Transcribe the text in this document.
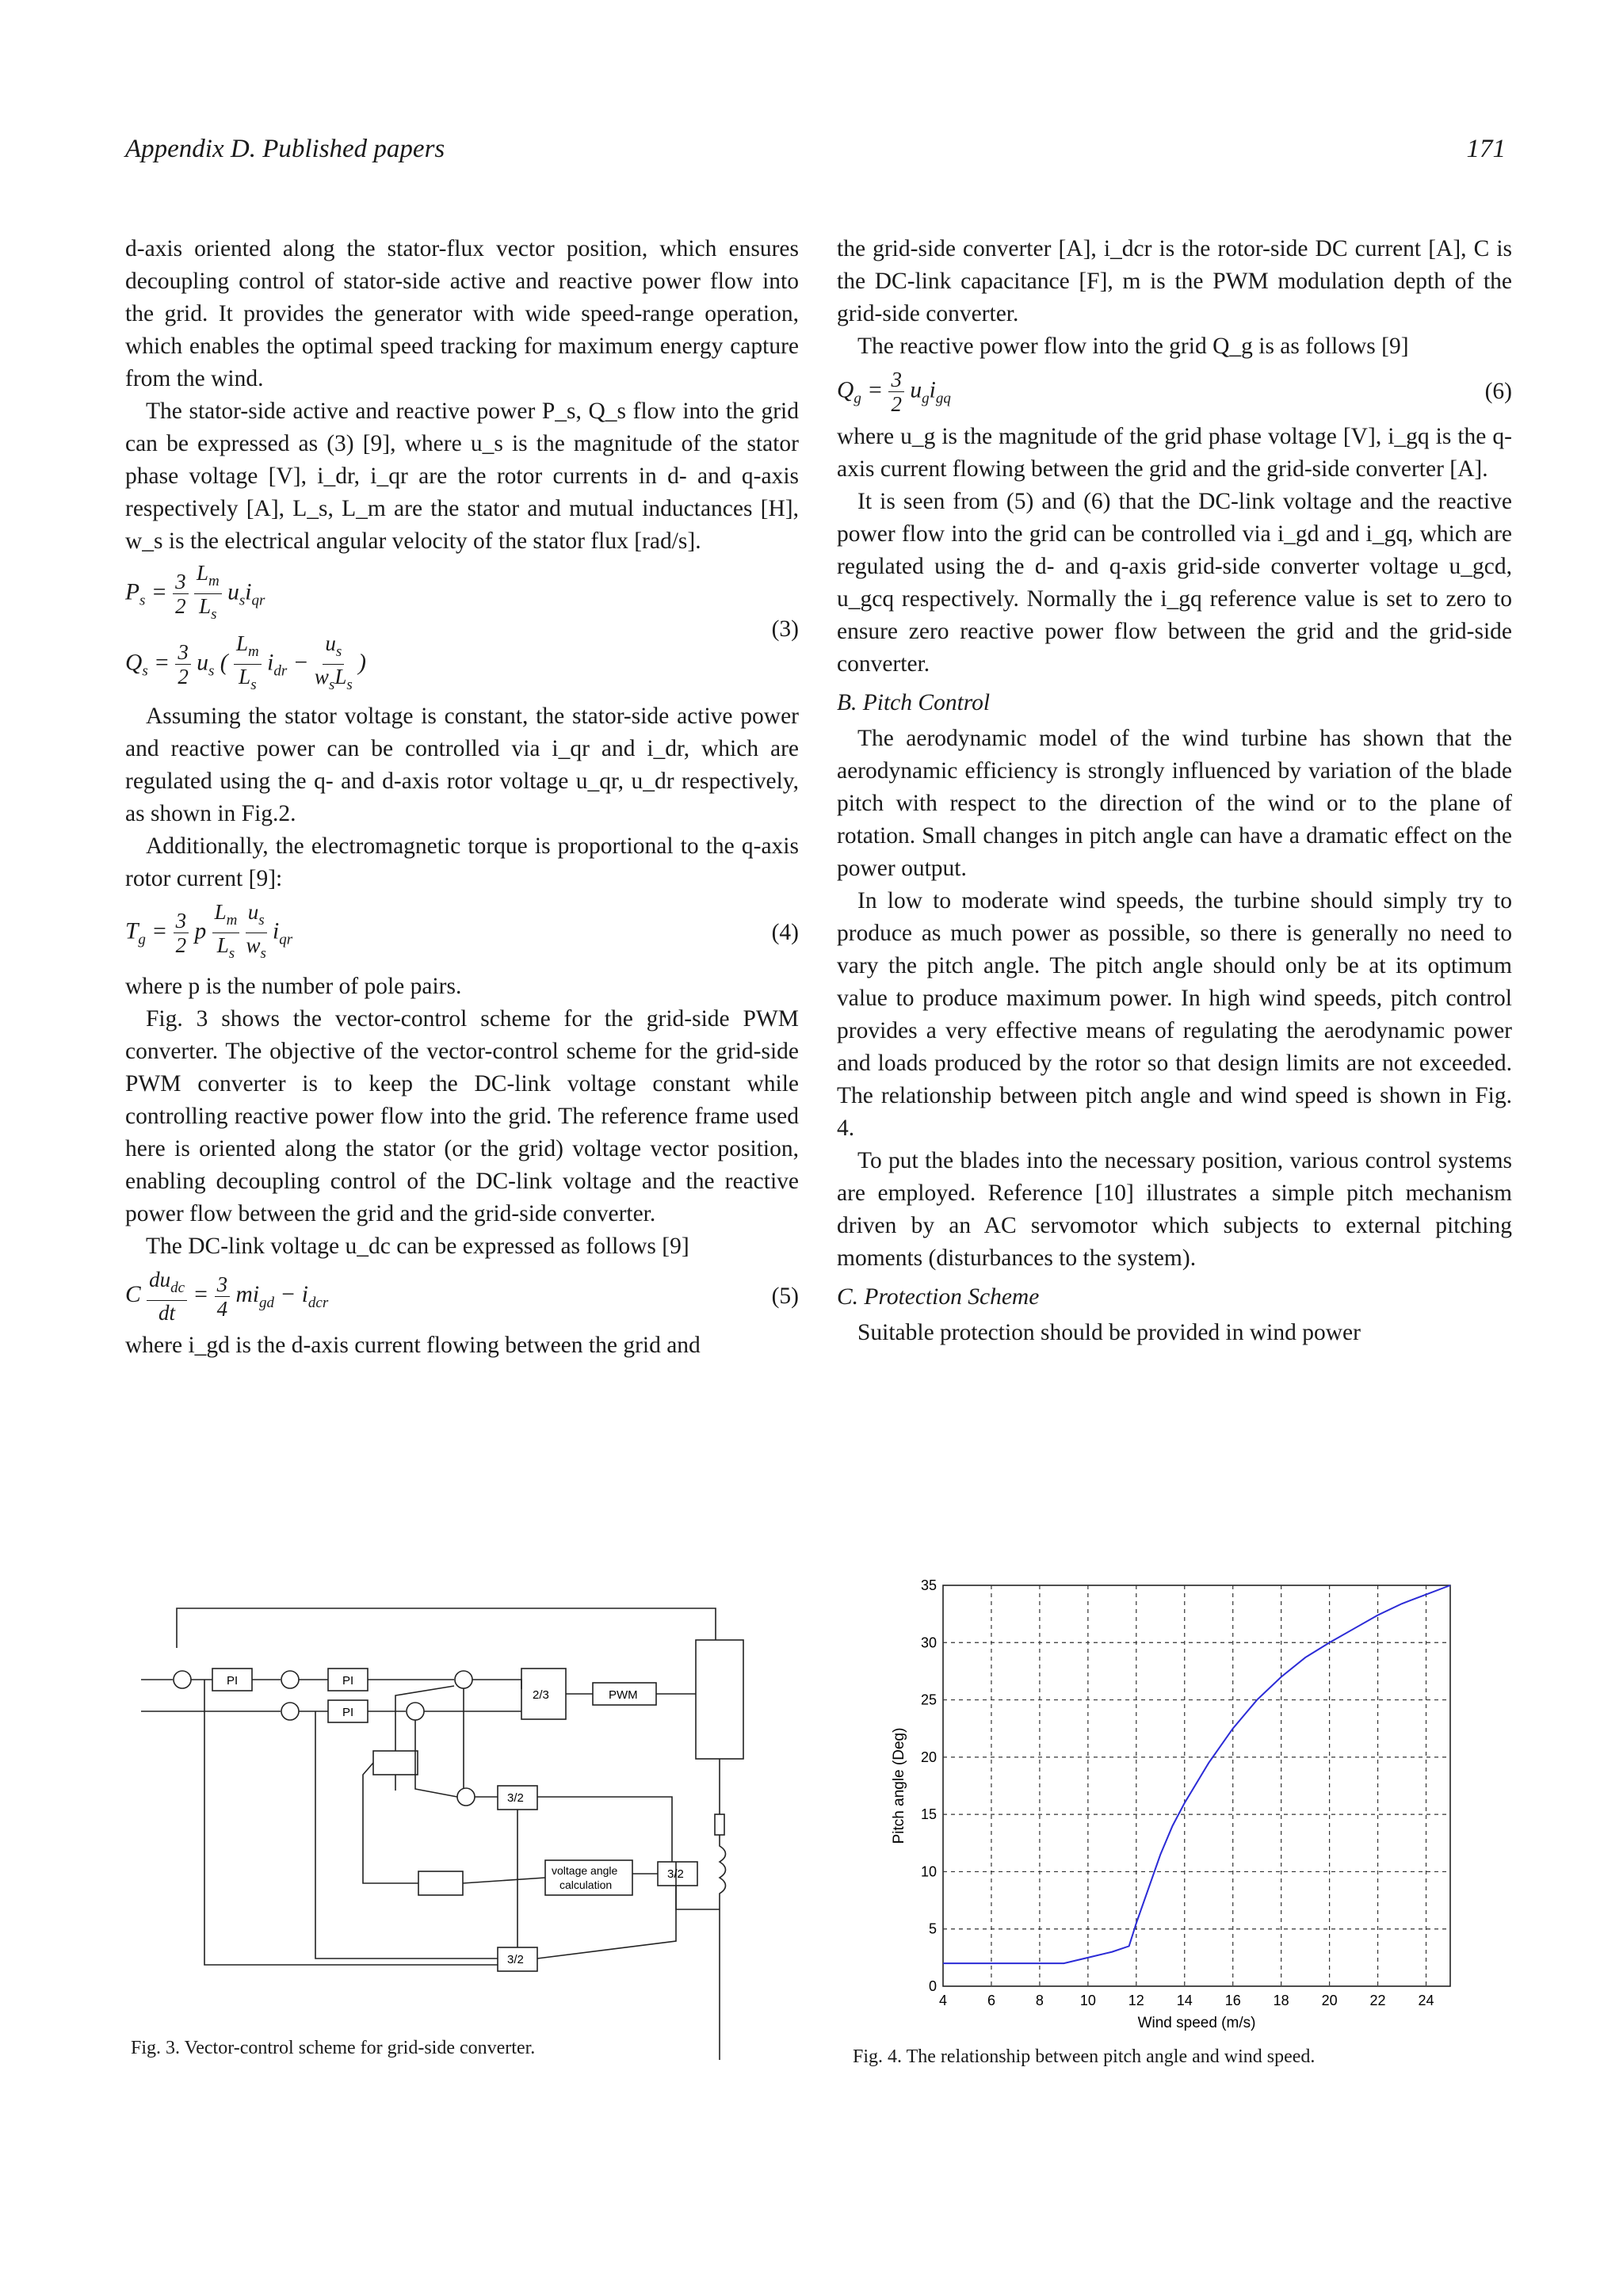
Appendix D. Published papers	171

d-axis oriented along the stator-flux vector position, which ensures decoupling control of stator-side active and reactive power flow into the grid. It provides the generator with wide speed-range operation, which enables the optimal speed tracking for maximum energy capture from the wind.

The stator-side active and reactive power P_s, Q_s flow into the grid can be expressed as (3) [9], where u_s is the magnitude of the stator phase voltage [V], i_dr, i_qr are the rotor currents in d- and q-axis respectively [A], L_s, L_m are the stator and mutual inductances [H], w_s is the electrical angular velocity of the stator flux [rad/s].

$P_s = \frac{3}{2}$
$\frac{L_m}{L_s} u_si_{qr}$
$Q_s = \frac{3}{2} u_s$ ( $\frac{L_m}{L_s} i_{dr} - \frac{u_s}{w_sL_s}$ )
(3)

Assuming the stator voltage is constant, the stator-side active power and reactive power can be controlled via i_qr and i_dr, which are regulated using the q- and d-axis rotor voltage u_qr, u_dr respectively, as shown in Fig.2.

Additionally, the electromagnetic torque is proportional to the q-axis rotor current [9]:

$T_g = \frac{3}{2}$ p $\frac{L_m}{L_s}$
$\frac{u_s}{w_s} i_{qr}$	(4)

where p is the number of pole pairs.

Fig. 3 shows the vector-control scheme for the grid-side PWM converter. The objective of the vector-control scheme for the grid-side PWM converter is to keep the DC-link voltage constant while controlling reactive power flow into the grid. The reference frame used here is oriented along the stator (or the grid) voltage vector position, enabling decoupling control of the DC-link voltage and the reactive power flow between the grid and the grid-side converter.

The DC-link voltage u_dc can be expressed as follows [9]

C $\frac{du_{dc}}{dt} = \frac{3}{4} mi_{gd} - i_{dcr}$	(5)

where i_gd is the d-axis current flowing between the grid and

the grid-side converter [A], i_dcr is the rotor-side DC current [A], C is the DC-link capacitance [F], m is the PWM modulation depth of the grid-side converter.

The reactive power flow into the grid Q_g is as follows [9]

$Q_g = \frac{3}{2} u_gi_{gq}$	(6)

where u_g is the magnitude of the grid phase voltage [V], i_gq is the q-axis current flowing between the grid and the grid-side converter [A].

It is seen from (5) and (6) that the DC-link voltage and the reactive power flow into the grid can be controlled via i_gd and i_gq, which are regulated using the d- and q-axis grid-side converter voltage u_gcd, u_gcq respectively. Normally the i_gq reference value is set to zero to ensure zero reactive power flow between the grid and the grid-side converter.

B. Pitch Control

The aerodynamic model of the wind turbine has shown that the aerodynamic efficiency is strongly influenced by variation of the blade pitch with respect to the direction of the wind or to the plane of rotation. Small changes in pitch angle can have a dramatic effect on the power output.

In low to moderate wind speeds, the turbine should simply try to produce as much power as possible, so there is generally no need to vary the pitch angle. The pitch angle should only be at its optimum value to produce maximum power. In high wind speeds, pitch control provides a very effective means of regulating the aerodynamic power and loads produced by the rotor so that design limits are not exceeded. The relationship between pitch angle and wind speed is shown in Fig. 4.

To put the blades into the necessary position, various control systems are employed. Reference [10] illustrates a simple pitch mechanism driven by an AC servomotor which subjects to external pitching moments (disturbances to the system).

C. Protection Scheme

Suitable protection should be provided in wind power

PI	PI
PI
2/3	PWM
3/2
3/2
3/2
voltage angle
calculation
Fig. 3. Vector-control scheme for grid-side converter.
4	6	8	10 12 14 16 18 20 22 24
0
5
10
15
20
25
30
35
Wind speed (m/s)
Pitch angle (Deg)
Fig. 4. The relationship between pitch angle and wind speed.
